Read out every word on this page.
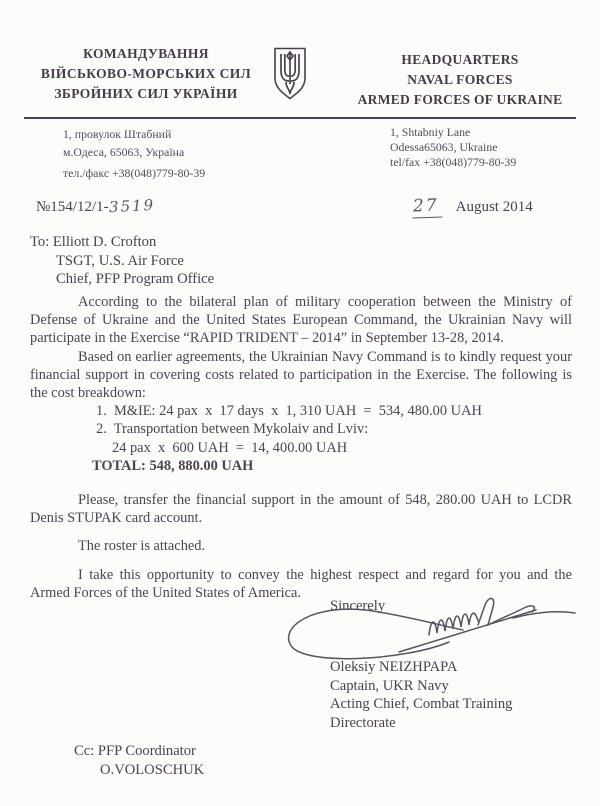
КОМАНДУВАННЯ
ВІЙСЬКОВО-МОРСЬКИХ СИЛ
ЗБРОЙНИХ СИЛ УКРАЇНИ
HEADQUARTERS
NAVAL FORCES
ARMED FORCES OF UKRAINE
1, провулок Штабний
м.Одеса, 65063, Україна
тел./факс +38(048)779-80-39
1, Shtabniy Lane
Odessa65063, Ukraine
tel/fax +38(048)779-80-39
№154/12/1-3519	27 August 2014
To: Elliott D. Crofton
TSGT, U.S. Air Force
Chief, PFP Program Office

According to the bilateral plan of military cooperation between the Ministry of Defense of Ukraine and the United States European Command, the Ukrainian Navy will participate in the Exercise “RAPID TRIDENT – 2014” in September 13-28, 2014.

Based on earlier agreements, the Ukrainian Navy Command is to kindly request your financial support in covering costs related to participation in the Exercise. The following is the cost breakdown:

1.  M&IE: 24 pax  x  17 days  x  1, 310 UAH  =  534, 480.00 UAH
2.  Transportation between Mykolaiv and Lviv:
24 pax  x  600 UAH  =  14, 400.00 UAH
TOTAL: 548, 880.00 UAH

Please, transfer the financial support in the amount of 548, 280.00 UAH to LCDR Denis STUPAK card account.

The roster is attached.

I take this opportunity to convey the highest respect and regard for you and the Armed Forces of the United States of America.

Sincerely
Oleksiy NEIZHPAPA
Captain, UKR Navy
Acting Chief, Combat Training
Directorate
Cc: PFP Coordinator
O.VOLOSCHUK
